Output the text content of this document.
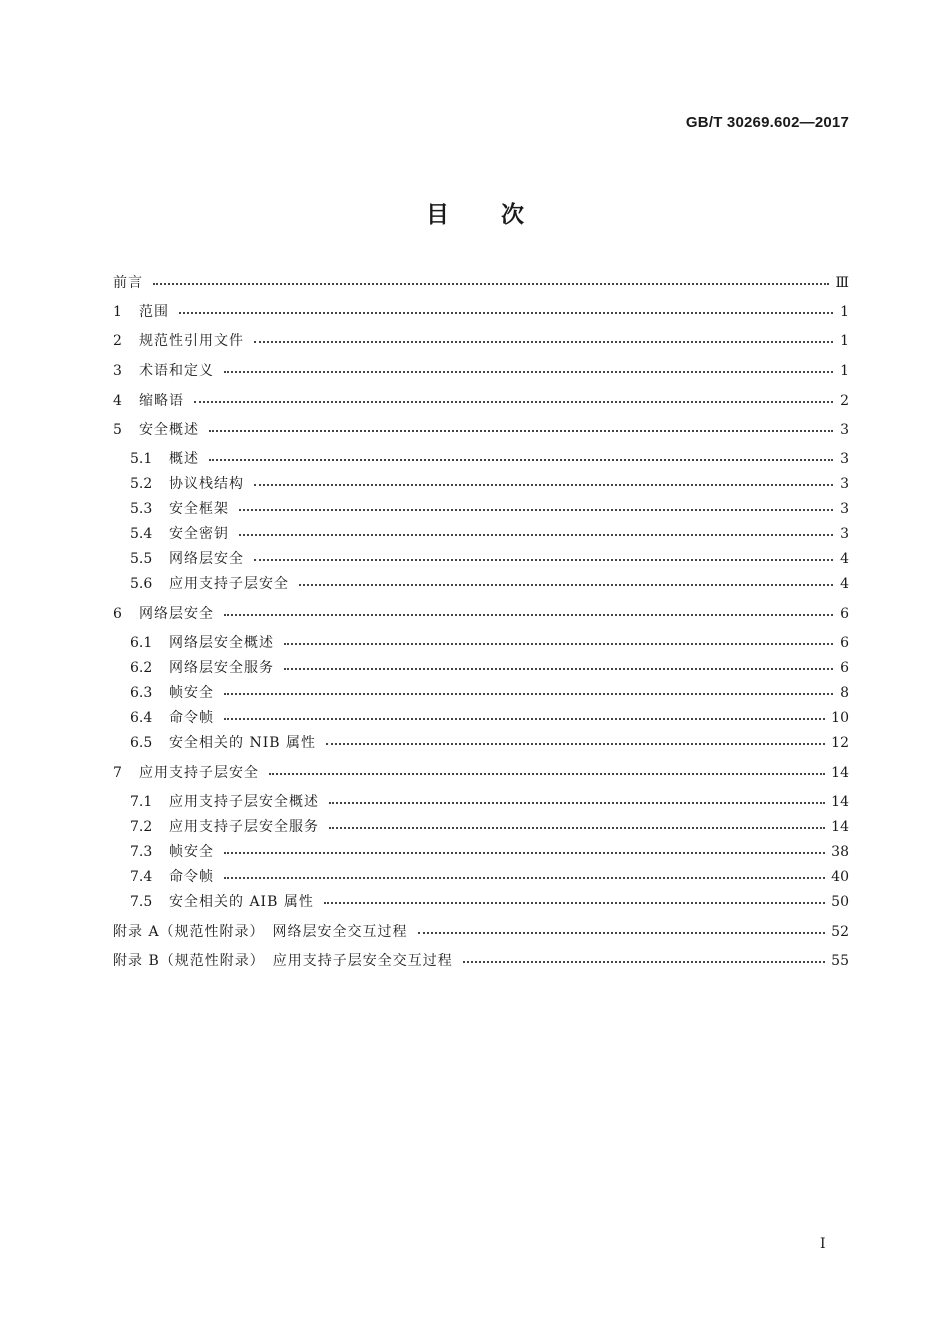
GB/T 30269.602—2017
目次
前言	Ⅲ
1	范围	1
2	规范性引用文件	1
3	术语和定义	1
4	缩略语	2
5	安全概述	3
5.1	概述	3
5.2	协议栈结构	3
5.3	安全框架	3
5.4	安全密钥	3
5.5	网络层安全	4
5.6	应用支持子层安全	4
6	网络层安全	6
6.1	网络层安全概述	6
6.2	网络层安全服务	6
6.3	帧安全	8
6.4	命令帧	10
6.5	安全相关的 NIB 属性	12
7	应用支持子层安全	14
7.1	应用支持子层安全概述	14
7.2	应用支持子层安全服务	14
7.3	帧安全	38
7.4	命令帧	40
7.5	安全相关的 AIB 属性	50
附录 A（规范性附录）　网络层安全交互过程	52
附录 B（规范性附录）　应用支持子层安全交互过程	55
Ⅰ
